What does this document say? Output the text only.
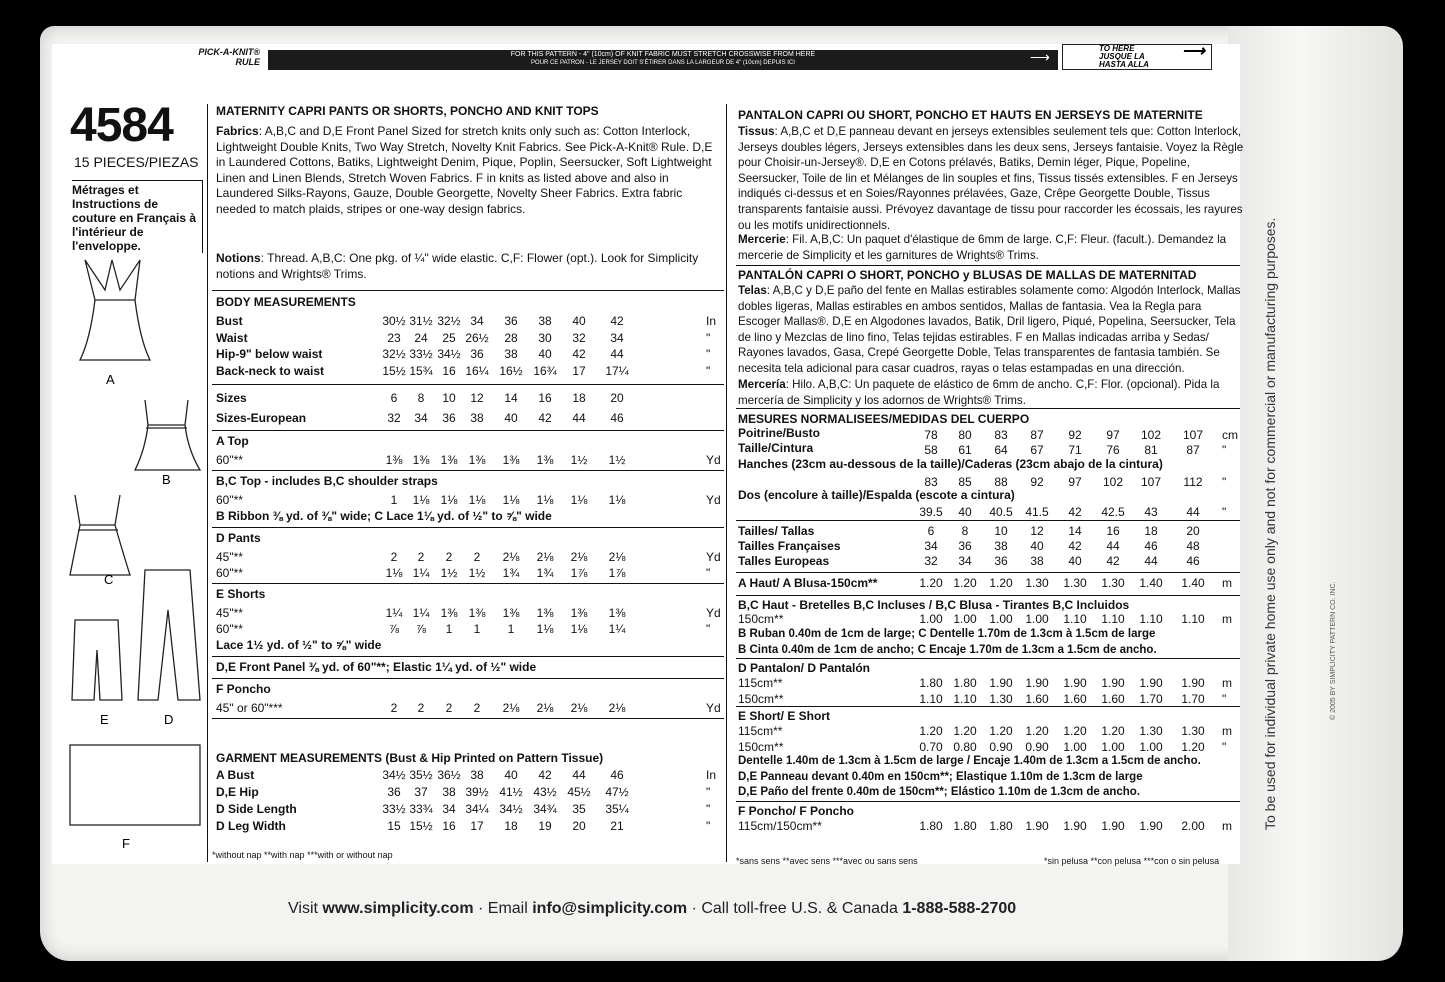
PICK-A-KNIT® RULE
FOR THIS PATTERN - 4" (10cm) OF KNIT FABRIC MUST STRETCH CROSSWISE FROM HERE
POUR CE PATRON - LE JERSEY DOIT S'ÉTIRER DANS LA LARGEUR DE 4" (10cm) DEPUIS ICI	⟶
TO HERE
JUSQUE LA
HASTA ALLA
⟶
4584
15 PIECES/PIEZAS
Métrages et Instructions de couture en Français à l'intérieur de l'enveloppe.
A
B
C
E	D
F
MATERNITY CAPRI PANTS OR SHORTS, PONCHO AND KNIT TOPS
Fabrics: A,B,C and D,E Front Panel Sized for stretch knits only such as: Cotton Interlock, Lightweight Double Knits, Two Way Stretch, Novelty Knit Fabrics. See Pick-A-Knit® Rule. D,E in Laundered Cottons, Batiks, Lightweight Denim, Pique, Poplin, Seersucker, Soft Lightweight Linen and Linen Blends, Stretch Woven Fabrics. F in knits as listed above and also in Laundered Silks-Rayons, Gauze, Double Georgette, Novelty Sheer Fabrics. Extra fabric needed to match plaids, stripes or one-way design fabrics.
Notions: Thread. A,B,C: One pkg. of ¼" wide elastic. C,F: Flower (opt.). Look for Simplicity notions and Wrights® Trims.
PANTALON CAPRI OU SHORT, PONCHO ET HAUTS EN JERSEYS DE MATERNITE
Tissus: A,B,C et D,E panneau devant en jerseys extensibles seulement tels que: Cotton Interlock, Jerseys doubles légers, Jerseys extensibles dans les deux sens, Jerseys fantaisie. Voyez la Règle pour Choisir-un-Jersey®. D,E en Cotons prélavés, Batiks, Demin léger, Pique, Popeline, Seersucker, Toile de lin et Mélanges de lin souples et fins, Tissus tissés extensibles. F en Jerseys indiqués ci-dessus et en Soies/Rayonnes prélavées, Gaze, Crêpe Georgette Double, Tissus transparents fantaisie aussi. Prévoyez davantage de tissu pour raccorder les écossais, les rayures ou les motifs unidirectionnels.
Mercerie: Fil. A,B,C: Un paquet d'élastique de 6mm de large. C,F: Fleur. (facult.). Demandez la mercerie de Simplicity et les garnitures de Wrights® Trims.
PANTALÓN CAPRI O SHORT, PONCHO y BLUSAS DE MALLAS DE MATERNITAD
Telas: A,B,C y D,E paño del fente en Mallas estirables solamente como: Algodón Interlock, Mallas dobles ligeras, Mallas estirables en ambos sentidos, Mallas de fantasia. Vea la Regla para Escoger Mallas®. D,E en Algodones lavados, Batik, Dril ligero, Piqué, Popelina, Seersucker, Tela de lino y Mezclas de lino fino, Telas tejidas estirables. F en Mallas indicadas arriba y Sedas/ Rayones lavados, Gasa, Crepé Georgette Doble, Telas transparentes de fantasia también. Se necesita tela adicional para casar cuadros, rayas o telas estampadas en una dirección.
Mercería: Hilo. A,B,C: Un paquete de elástico de 6mm de ancho. C,F: Flor. (opcional). Pida la mercería de Simplicity y los adornos de Wrights® Trims.
BODY MEASUREMENTS
Bust	30½ 31½ 32½ 34	36	38	40	42	In
Waist	23	24	25 26½	28	30	32	34	"
Hip-9" below waist	32½ 33½ 34½ 36	38	40	42	44	"
Back-neck to waist	15½ 15¾ 16 16¼ 16½ 16¾	17	17¼	"
Sizes	6	8	10	12	14	16	18	20
Sizes-European	32	34	36	38	40	42	44	46
A Top
60"**	1⅜ 1⅜ 1⅜ 1⅜	1⅜	1⅜	1½	1½	Yd
B,C Top - includes B,C shoulder straps
60"**	1	1⅛ 1⅛ 1⅛	1⅛	1⅛	1⅛	1⅛	Yd
B Ribbon ⅜ yd. of ⅜" wide; C Lace 1⅛ yd. of ½" to ⅝" wide
D Pants
45"**	2	2	2	2	2⅛	2⅛	2⅛	2⅛	Yd
60"**	1⅛ 1¼ 1½ 1½	1¾	1¾	1⅞	1⅞	"
E Shorts
45"**	1¼ 1¼ 1⅜ 1⅜	1⅜	1⅜	1⅜	1⅜	Yd
60"**	⅞	⅞	1	1	1	1⅛	1⅛	1¼	"
Lace 1½ yd. of ½" to ⅝" wide
D,E Front Panel ⅜ yd. of 60"**; Elastic 1¼ yd. of ½" wide
F Poncho
45" or 60"***	2	2	2	2	2⅛	2⅛	2⅛	2⅛	Yd
GARMENT MEASUREMENTS (Bust & Hip Printed on Pattern Tissue)
A Bust	34½ 35½ 36½ 38	40	42	44	46	In
D,E Hip	36	37	38 39½ 41½ 43½ 45½	47½	"
D Side Length	33½ 33¾ 34 34¼ 34½ 34¾	35	35¼	"
D Leg Width	15 15½ 16	17	18	19	20	21	"
*without nap **with nap ***with or without nap
MESURES NORMALISEES/MEDIDAS DEL CUERPO
Poitrine/Busto	78	80	83	87	92	97	102	107	cm
Taille/Cintura	58	61	64	67	71	76	81	87	"
Hanches (23cm au-dessous de la taille)/Caderas (23cm abajo de la cintura)
83	85	88	92	97	102	107	112	"
Dos (encolure à taille)/Espalda (escote a cintura)
39.5	40	40.5	41.5	42	42.5	43	44	"
Tailles/ Tallas	6	8	10	12	14	16	18	20
Tailles Françaises	34	36	38	40	42	44	46	48
Talles Europeas	32	34	36	38	40	42	44	46
A Haut/ A Blusa-150cm**	1.20 1.20	1.20	1.30	1.30	1.30	1.40	1.40	m
B,C Haut - Bretelles B,C Incluses / B,C Blusa - Tirantes B,C Incluidos
150cm**	1.00 1.00	1.00	1.00	1.10	1.10	1.10	1.10	m
B Ruban 0.40m de 1cm de large; C Dentelle 1.70m de 1.3cm à 1.5cm de large
B Cinta 0.40m de 1cm de ancho; C Encaje 1.70m de 1.3cm a 1.5cm de ancho.
D Pantalon/ D Pantalón
115cm**	1.80 1.80	1.90	1.90	1.90	1.90	1.90	1.90	m
150cm**	1.10 1.10	1.30	1.60	1.60	1.60	1.70	1.70	"
E Short/ E Short
115cm**	1.20 1.20	1.20	1.20	1.20	1.20	1.30	1.30	m
150cm**	0.70 0.80	0.90	0.90	1.00	1.00	1.00	1.20	"
Dentelle 1.40m de 1.3cm à 1.5cm de large / Encaje 1.40m de 1.3cm a 1.5cm de ancho.
D,E Panneau devant 0.40m en 150cm**; Elastique 1.10m de 1.3cm de large
D,E Paño del frente 0.40m de 150cm**; Elástico 1.10m de 1.3cm de ancho.
F Poncho/ F Poncho
115cm/150cm**	1.80 1.80	1.80	1.90	1.90	1.90	1.90	2.00	m
*sans sens **avec sens ***avec ou sans sens	*sin pelusa **con pelusa ***con o sin pelusa
Visit www.simplicity.com · Email info@simplicity.com · Call toll-free U.S. & Canada 1-888-588-2700
To be used for individual private home use only and not for commercial or manufacturing purposes.	© 2005 BY SIMPLICITY PATTERN CO. INC.
